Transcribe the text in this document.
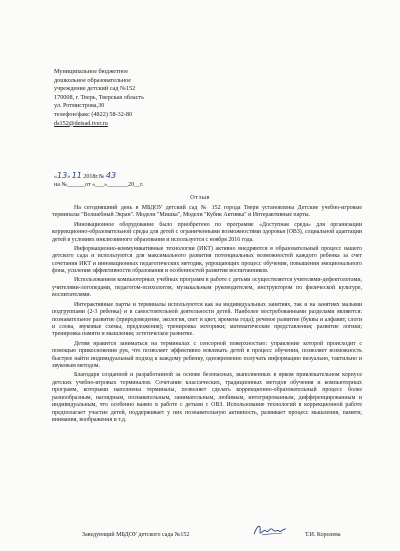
Муниципальное бюджетное
дошкольное образовательное
учреждение детский сад №152
170008, г. Тверь, Тверская область
ул. Ротмистрова,30
телефон/факс (4822) 58-32-80
ds152@detsad.tver.ru
«13» 11 2018г.№ 43
на №______от «___»_______20__г.
Отзыв

На сегодняшний день в МБДОУ детский сад № 152 города Твери установлены Детские учебно-игровые терминалы "Волшебный Экран". Модели "Мишка", Модели "Кубик Активка" и Интерактивные парты.

Инновационное оборудование было приобретено по программе «Доступная среда» для организации коррекционно-образовательной среды для детей с ограниченными возможностями здоровья (ОВЗ), социальной адаптации детей в условиях инклюзивного образования и используется с ноября 2016 года.

Информационно-коммуникативные технологии (ИКТ) активно внедряются в образовательный процесс нашего детского сада и используются для максимального развития потенциальных возможностей каждого ребенка за счет сочетания ИКТ и инновационных педагогических методик, упрощающих процесс обучения, повышения эмоционального фона, усиления эффективности образования и особенностей развития воспитанников.

Использованием компьютерных учебных программ в работе с детьми осуществляется учителями-дефектологами, учителями-логопедами, педагогом-психологом, музыкальным руководителем, инструктором по физической культуре, воспитателями.

Интерактивные парты и терминалы используются как на индивидуальных занятиях, так и на занятиях малыми подгруппами (2-3 ребенка) и в самостоятельной деятельности детей. Наиболее востребованными разделами являются: познавательное развитие (природоведение, экология, свет и цвет, времена года); речевое развитие (буквы и алфавит, слоги и слова, звуковые схемы, предложения); тренировка моторики; математические представления; развитие логики; тренировка памяти и мышления; эстетическое развитие.

Детям нравится заниматься на терминалах с сенсорной поверхностью: управление которой происходит с помощью прикосновения рук, что позволяет эффективно вовлекать детей в процесс обучения, позволяет возможность быстрее найти индивидуальный подход к каждому ребенку, одновременно получать информацию визуально, тактильно и звуковым методом.

Благодаря созданной и разработанной за основе безопасных, выполненных в ярком привлекательном корпусе детских учебно-игровых терминалов. Сочетание классических, традиционных методов обучения и компьютерных программ, которыми наполнены терминалы, позволяет сделать коррекционно-образовательный процесс более разнообразным, наглядным, познавательным, занимательным, любимым, интегрированным, дифференцированным и индивидуальным, что особенно важно в работе с детьми с ОВЗ. Использование технологий в коррекционной работе предполагает участие детей, поддерживает у них познавательную активность, развивает процесс мышления, памяти, внимания, воображения и т.д.

Заведующий МБДОУ детского сада №152	Т.И. Королева
